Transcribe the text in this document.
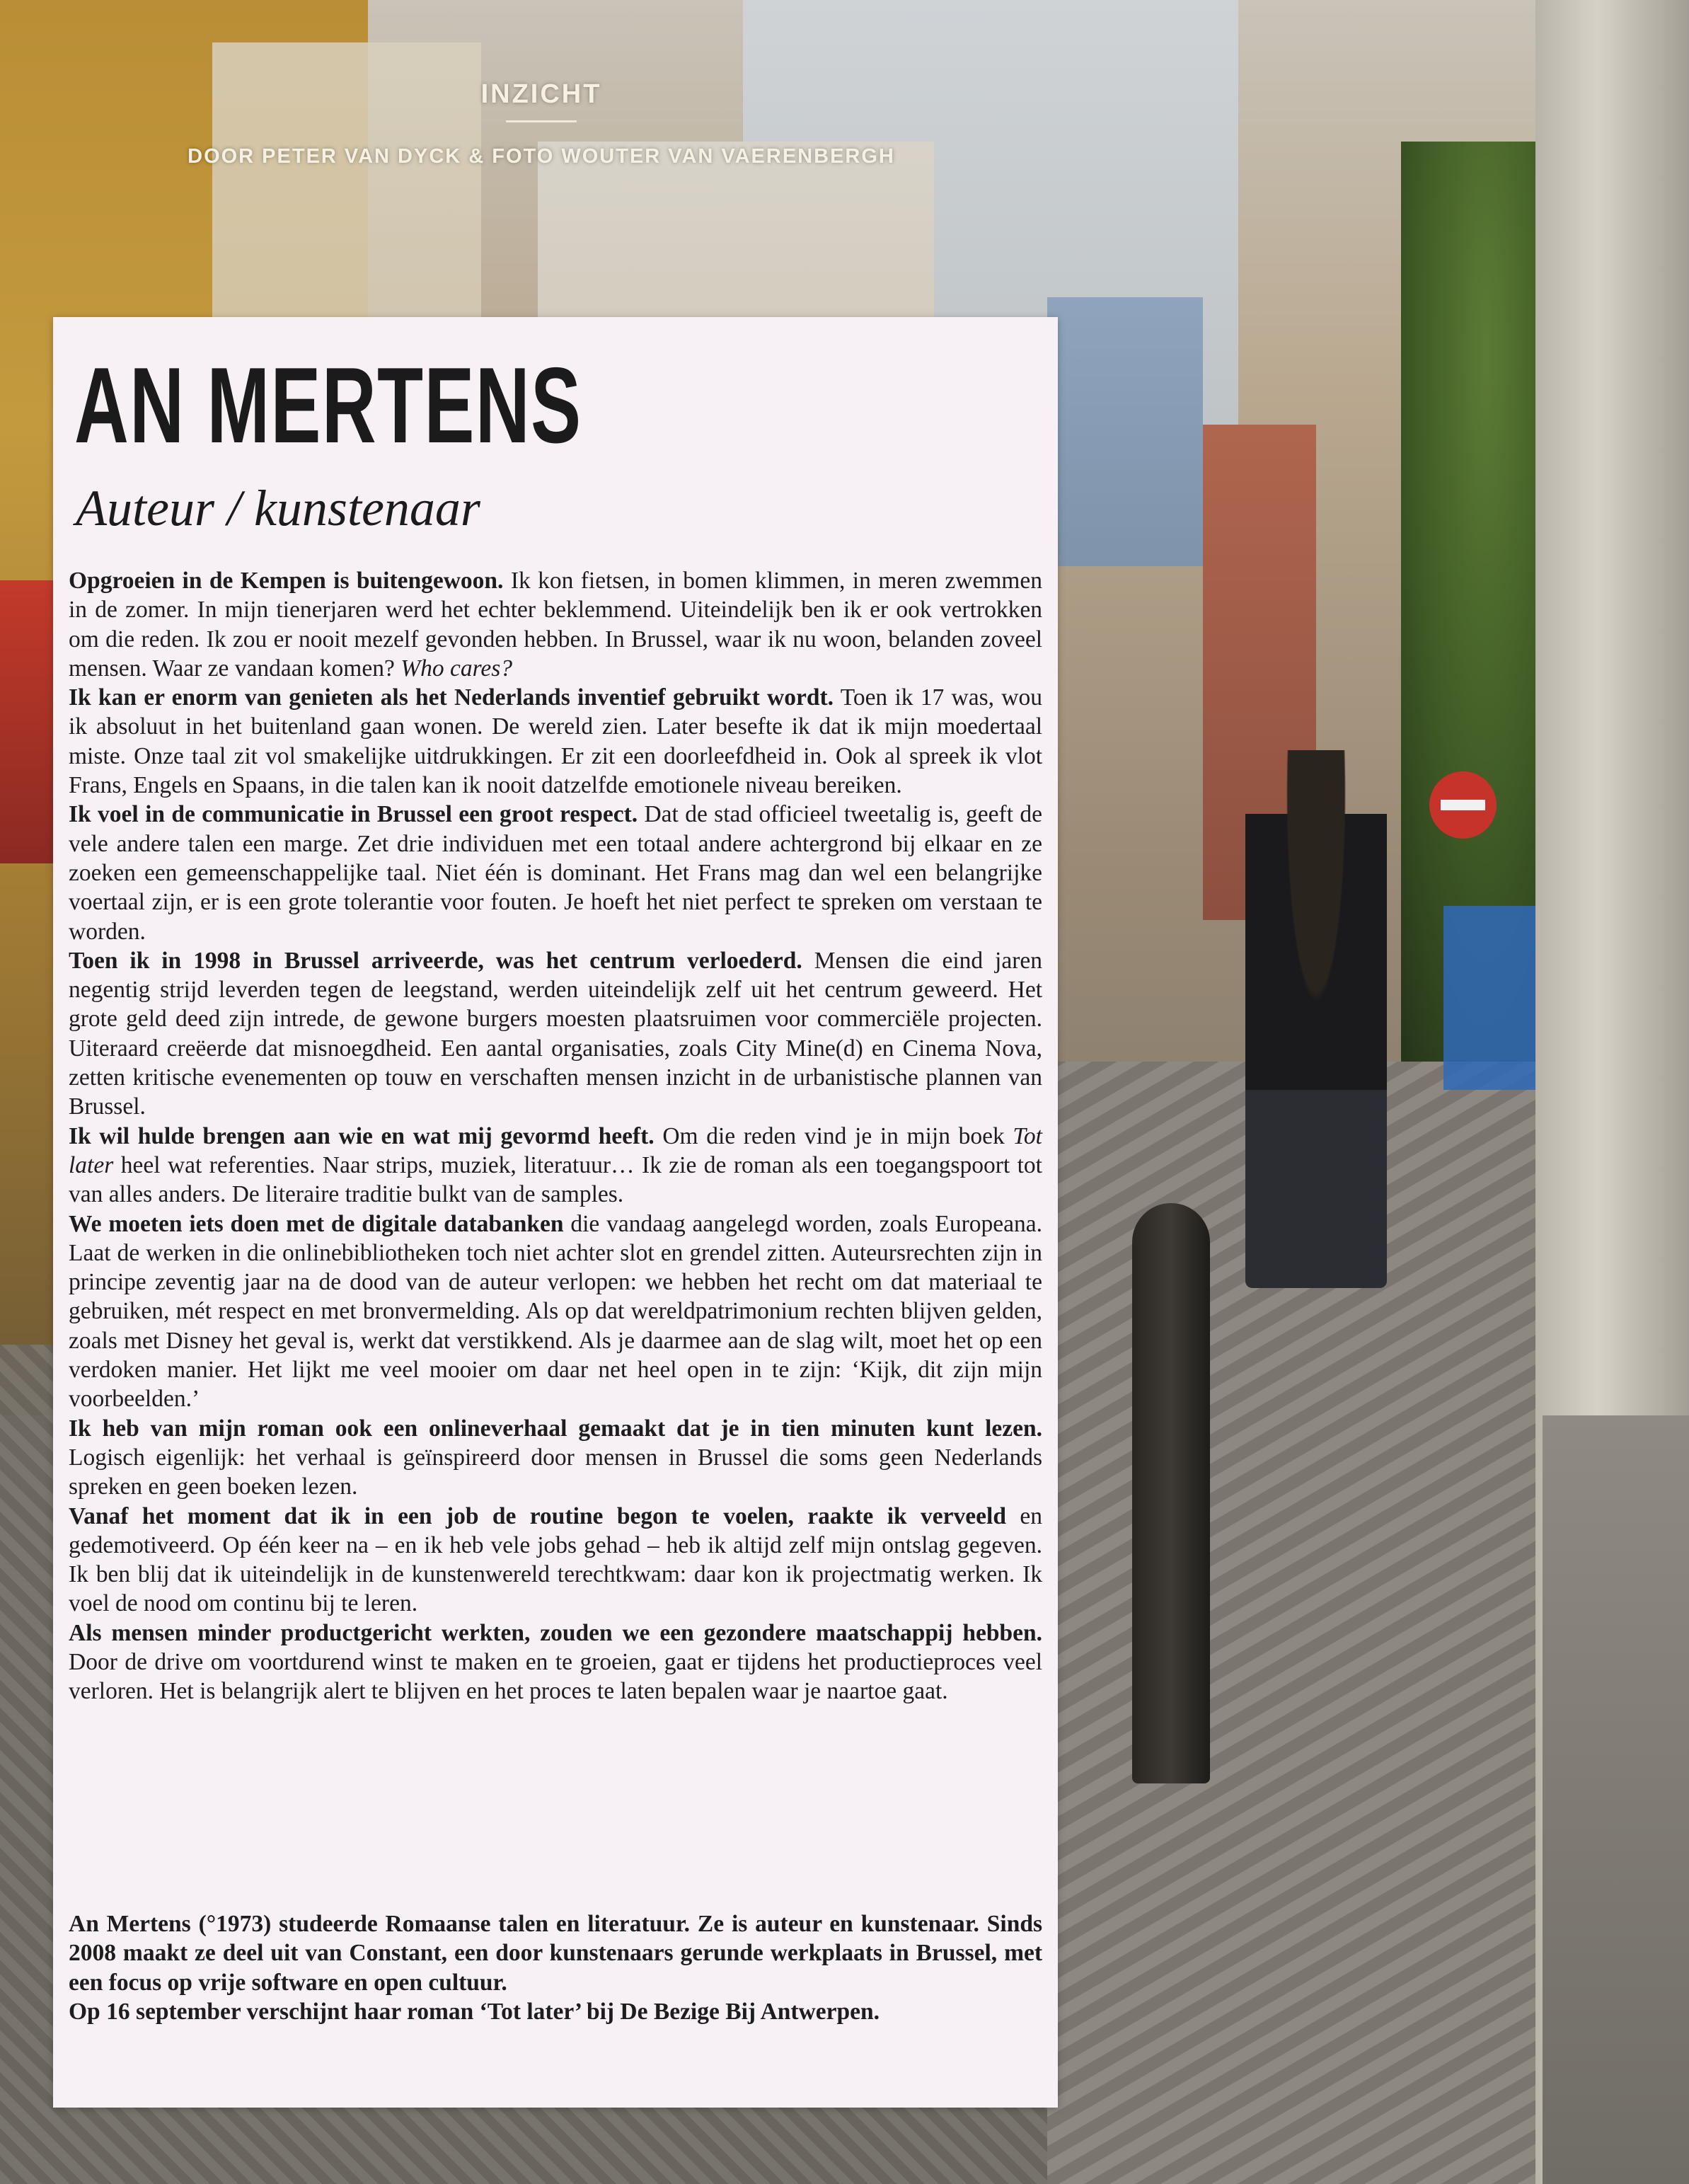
INZICHT
DOOR PETER VAN DYCK & FOTO WOUTER VAN VAERENBERGH
AN MERTENS
Auteur / kunstenaar

Opgroeien in de Kempen is buitengewoon. Ik kon fietsen, in bomen klimmen, in meren zwemmen in de zomer. In mijn tienerjaren werd het echter beklemmend. Uiteindelijk ben ik er ook vertrokken om die reden. Ik zou er nooit mezelf gevonden hebben. In Brussel, waar ik nu woon, belanden zoveel mensen. Waar ze vandaan komen? Who cares?

Ik kan er enorm van genieten als het Nederlands inventief gebruikt wordt. Toen ik 17 was, wou ik absoluut in het buitenland gaan wonen. De wereld zien. Later besefte ik dat ik mijn moedertaal miste. Onze taal zit vol smakelijke uitdrukkingen. Er zit een doorleefdheid in. Ook al spreek ik vlot Frans, Engels en Spaans, in die talen kan ik nooit datzelfde emotionele niveau bereiken.

Ik voel in de communicatie in Brussel een groot respect. Dat de stad officieel tweetalig is, geeft de vele andere talen een marge. Zet drie individuen met een totaal andere achtergrond bij elkaar en ze zoeken een gemeenschappelijke taal. Niet één is dominant. Het Frans mag dan wel een belangrijke voertaal zijn, er is een grote tolerantie voor fouten. Je hoeft het niet perfect te spreken om verstaan te worden.

Toen ik in 1998 in Brussel arriveerde, was het centrum verloederd. Mensen die eind jaren negentig strijd leverden tegen de leegstand, werden uiteindelijk zelf uit het centrum geweerd. Het grote geld deed zijn intrede, de gewone burgers moesten plaatsruimen voor commerciële projecten. Uiteraard creëerde dat misnoegdheid. Een aantal organisaties, zoals City Mine(d) en Cinema Nova, zetten kritische evenementen op touw en verschaften mensen inzicht in de urbanistische plannen van Brussel.

Ik wil hulde brengen aan wie en wat mij gevormd heeft. Om die reden vind je in mijn boek Tot later heel wat referenties. Naar strips, muziek, literatuur… Ik zie de roman als een toegangspoort tot van alles anders. De literaire traditie bulkt van de samples.

We moeten iets doen met de digitale databanken die vandaag aangelegd worden, zoals Europeana. Laat de werken in die onlinebibliotheken toch niet achter slot en grendel zitten. Auteursrechten zijn in principe zeventig jaar na de dood van de auteur verlopen: we hebben het recht om dat materiaal te gebruiken, mét respect en met bronvermelding. Als op dat wereldpatrimonium rechten blijven gelden, zoals met Disney het geval is, werkt dat verstikkend. Als je daarmee aan de slag wilt, moet het op een verdoken manier. Het lijkt me veel mooier om daar net heel open in te zijn: ‘Kijk, dit zijn mijn voorbeelden.’

Ik heb van mijn roman ook een onlineverhaal gemaakt dat je in tien minuten kunt lezen. Logisch eigenlijk: het verhaal is geïnspireerd door mensen in Brussel die soms geen Nederlands spreken en geen boeken lezen.

Vanaf het moment dat ik in een job de routine begon te voelen, raakte ik verveeld en gedemotiveerd. Op één keer na – en ik heb vele jobs gehad – heb ik altijd zelf mijn ontslag gegeven. Ik ben blij dat ik uiteindelijk in de kunstenwereld terechtkwam: daar kon ik projectmatig werken. Ik voel de nood om continu bij te leren.

Als mensen minder productgericht werkten, zouden we een gezondere maatschappij hebben. Door de drive om voortdurend winst te maken en te groeien, gaat er tijdens het productieproces veel verloren. Het is belangrijk alert te blijven en het proces te laten bepalen waar je naartoe gaat.

An Mertens (°1973) studeerde Romaanse talen en literatuur. Ze is auteur en kunstenaar. Sinds 2008 maakt ze deel uit van Constant, een door kunstenaars gerunde werkplaats in Brussel, met een focus op vrije software en open cultuur.

Op 16 september verschijnt haar roman ‘Tot later’ bij De Bezige Bij Antwerpen.
